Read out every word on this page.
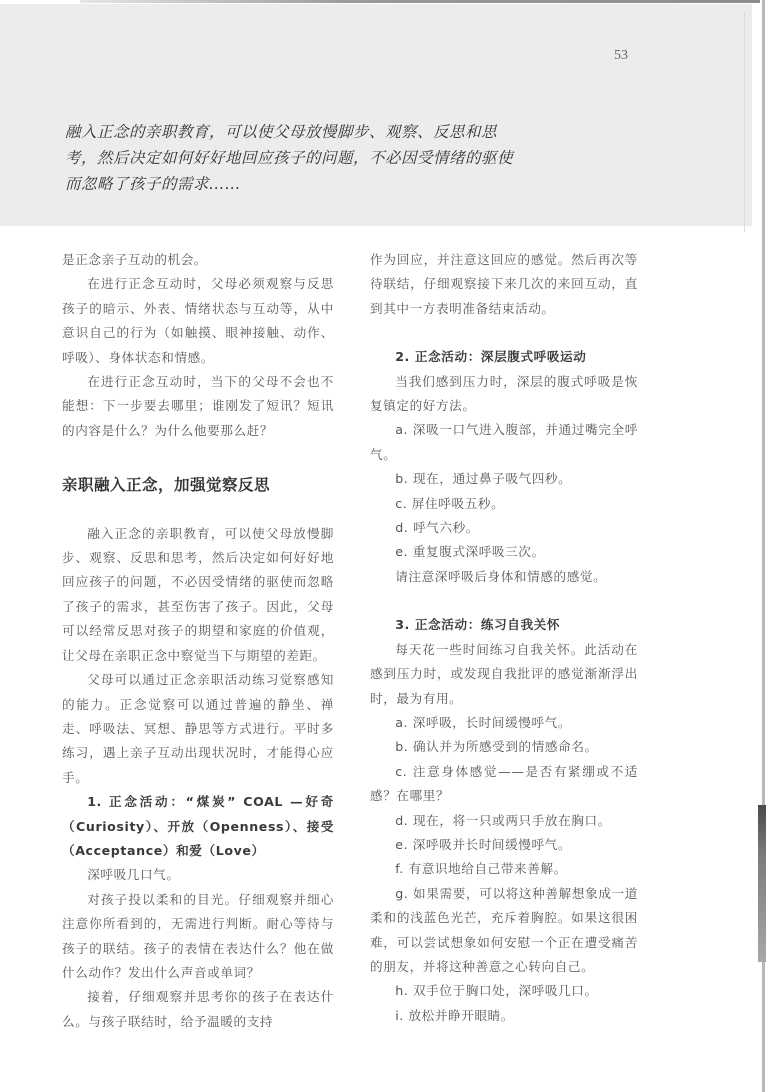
53

融入正念的亲职教育，可以使父母放慢脚步、观察、反思和思

考，然后决定如何好好地回应孩子的问题，不必因受情绪的驱使

而忽略了孩子的需求……

是正念亲子互动的机会。

在进行正念互动时，父母必须观察与反思孩子的暗示、外表、情绪状态与互动等，从中意识自己的行为（如触摸、眼神接触、动作、呼吸）、身体状态和情感。

在进行正念互动时，当下的父母不会也不能想：下一步要去哪里；谁刚发了短讯？短讯的内容是什么？为什么他要那么赶？

亲职融入正念，加强觉察反思

融入正念的亲职教育，可以使父母放慢脚步、观察、反思和思考，然后决定如何好好地回应孩子的问题，不必因受情绪的驱使而忽略了孩子的需求，甚至伤害了孩子。因此，父母可以经常反思对孩子的期望和家庭的价值观，让父母在亲职正念中察觉当下与期望的差距。

父母可以通过正念亲职活动练习觉察感知的能力。正念觉察可以通过普遍的静坐、禅走、呼吸法、冥想、静思等方式进行。平时多练习，遇上亲子互动出现状况时，才能得心应手。

1. 正念活动：“煤炭” COAL —好奇（Curiosity）、开放（Openness）、接受（Acceptance）和爱（Love）

深呼吸几口气。

对孩子投以柔和的目光。仔细观察并细心注意你所看到的，无需进行判断。耐心等待与孩子的联结。孩子的表情在表达什么？他在做什么动作？发出什么声音或单词？

接着，仔细观察并思考你的孩子在表达什么。与孩子联结时，给予温暖的支持

作为回应，并注意这回应的感觉。然后再次等待联结，仔细观察接下来几次的来回互动，直到其中一方表明准备结束活动。

2. 正念活动：深层腹式呼吸运动

当我们感到压力时，深层的腹式呼吸是恢复镇定的好方法。

a. 深吸一口气进入腹部，并通过嘴完全呼气。

b. 现在，通过鼻子吸气四秒。

c. 屏住呼吸五秒。

d. 呼气六秒。

e. 重复腹式深呼吸三次。

请注意深呼吸后身体和情感的感觉。

3. 正念活动：练习自我关怀

每天花一些时间练习自我关怀。此活动在感到压力时，或发现自我批评的感觉渐渐浮出时，最为有用。

a. 深呼吸，长时间缓慢呼气。

b. 确认并为所感受到的情感命名。

c. 注意身体感觉——是否有紧绷或不适感？在哪里？

d. 现在，将一只或两只手放在胸口。

e. 深呼吸并长时间缓慢呼气。

f. 有意识地给自己带来善解。

g. 如果需要，可以将这种善解想象成一道柔和的浅蓝色光芒，充斥着胸腔。如果这很困难，可以尝试想象如何安慰一个正在遭受痛苦的朋友，并将这种善意之心转向自己。

h. 双手位于胸口处，深呼吸几口。

i. 放松并睁开眼睛。
